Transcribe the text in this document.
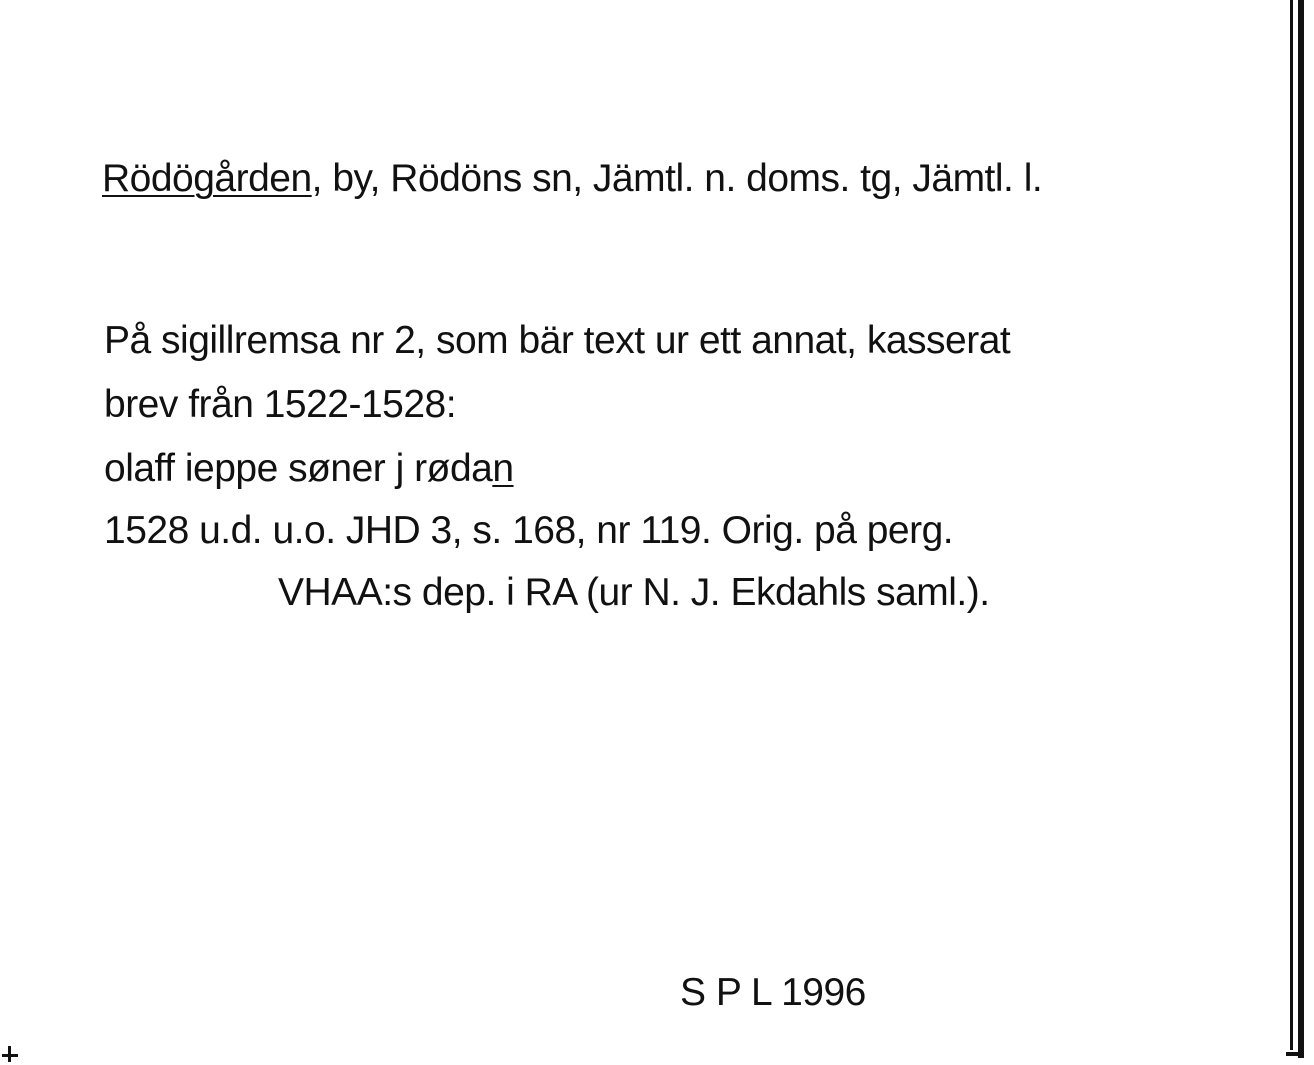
Rödögården, by, Rödöns sn, Jämtl. n. doms. tg, Jämtl. l.
På sigillremsa nr 2, som bär text ur ett annat, kasserat
brev från 1522-1528:
olaff ieppe søner j rødan
1528 u.d. u.o. JHD 3, s. 168, nr 119. Orig. på perg.
VHAA:s dep. i RA (ur N. J. Ekdahls saml.).
S P L 1996
